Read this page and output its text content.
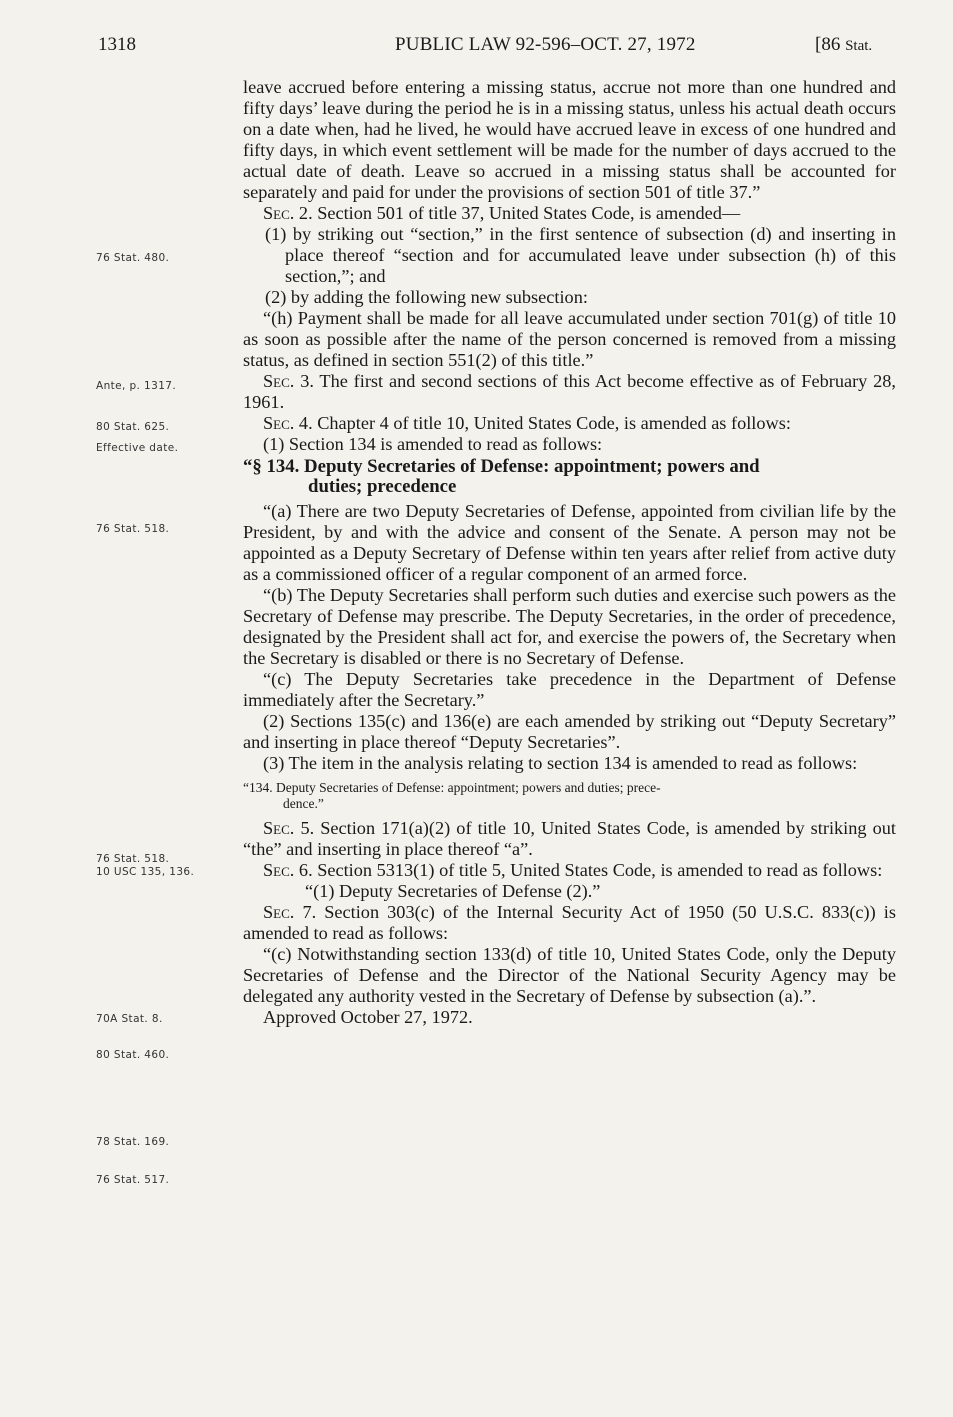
1318	PUBLIC LAW 92-596–OCT. 27, 1972	[86 Stat.
76 Stat. 480.
Ante, p. 1317.
80 Stat. 625.
Effective date.
76 Stat. 518.
76 Stat. 518.
10 USC 135, 136.
70A Stat. 8.
80 Stat. 460.
78 Stat. 169.
76 Stat. 517.

leave accrued before entering a missing status, accrue not more than one hundred and fifty days’ leave during the period he is in a missing status, unless his actual death occurs on a date when, had he lived, he would have accrued leave in excess of one hundred and fifty days, in which event settlement will be made for the number of days accrued to the actual date of death. Leave so accrued in a missing status shall be accounted for separately and paid for under the provisions of section 501 of title 37.”

Sec. 2. Section 501 of title 37, United States Code, is amended—

(1) by striking out “section,” in the first sentence of subsection (d) and inserting in place thereof “section and for accumulated leave under subsection (h) of this section,”; and

(2) by adding the following new subsection:

“(h) Payment shall be made for all leave accumulated under section 701(g) of title 10 as soon as possible after the name of the person concerned is removed from a missing status, as defined in section 551(2) of this title.”

Sec. 3. The first and second sections of this Act become effective as of February 28, 1961.

Sec. 4. Chapter 4 of title 10, United States Code, is amended as follows:

(1) Section 134 is amended to read as follows:

“§ 134. Deputy Secretaries of Defense: appointment; powers and
duties; precedence

“(a) There are two Deputy Secretaries of Defense, appointed from civilian life by the President, by and with the advice and consent of the Senate. A person may not be appointed as a Deputy Secretary of Defense within ten years after relief from active duty as a commissioned officer of a regular component of an armed force.

“(b) The Deputy Secretaries shall perform such duties and exercise such powers as the Secretary of Defense may prescribe. The Deputy Secretaries, in the order of precedence, designated by the President shall act for, and exercise the powers of, the Secretary when the Secretary is disabled or there is no Secretary of Defense.

“(c) The Deputy Secretaries take precedence in the Department of Defense immediately after the Secretary.”

(2) Sections 135(c) and 136(e) are each amended by striking out “Deputy Secretary” and inserting in place thereof “Deputy Secretaries”.

(3) The item in the analysis relating to section 134 is amended to read as follows:

“134. Deputy Secretaries of Defense: appointment; powers and duties; prece-
dence.”

Sec. 5. Section 171(a)(2) of title 10, United States Code, is amended by striking out “the” and inserting in place thereof “a”.

Sec. 6. Section 5313(1) of title 5, United States Code, is amended to read as follows:

“(1) Deputy Secretaries of Defense (2).”

Sec. 7. Section 303(c) of the Internal Security Act of 1950 (50 U.S.C. 833(c)) is amended to read as follows:

“(c) Notwithstanding section 133(d) of title 10, United States Code, only the Deputy Secretaries of Defense and the Director of the National Security Agency may be delegated any authority vested in the Secretary of Defense by subsection (a).”.

Approved October 27, 1972.
